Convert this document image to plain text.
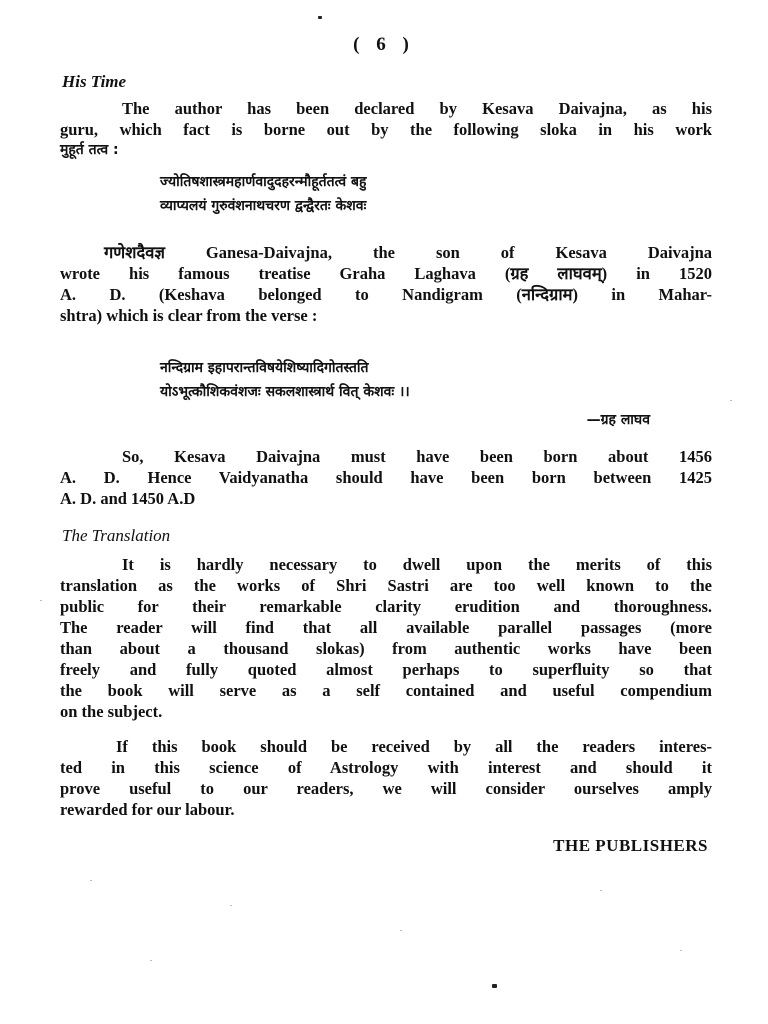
( 6 )
His Time
The author has been declared by Kesava Daivajna, as his
guru, which fact is borne out by the following sloka in his work
मुहूर्त तत्व :
ज्योतिषशास्त्रमहार्णवादुदहरन्मौहूर्ततत्वं बहु
व्याप्यलयं गुरुवंशनाथचरण द्वन्द्वैरतः केशवः
गणेशदैवज्ञ Ganesa-Daivajna, the son of Kesava Daivajna
wrote his famous treatise Graha Laghava (ग्रह लाघवम्) in 1520
A. D. (Keshava belonged to Nandigram (नन्दिग्राम) in Mahar-
shtra) which is clear from the verse :
नन्दिग्राम इहापरान्तविषयेशिष्यादिगोतस्तति
योऽभूत्कौशिकवंशजः सकलशास्त्रार्थ वित् केशवः ।।
—ग्रह लाघव
So, Kesava Daivajna must have been born about 1456
A. D. Hence Vaidyanatha should have been born between 1425
A. D. and 1450 A.D
The Translation
It is hardly necessary to dwell upon the merits of this
translation as the works of Shri Sastri are too well known to the
public for their remarkable clarity erudition and thoroughness.
The reader will find that all available parallel passages (more
than about a thousand slokas) from authentic works have been
freely and fully quoted almost perhaps to superfluity so that
the book will serve as a self contained and useful compendium
on the subject.
If this book should be received by all the readers interes-
ted in this science of Astrology with interest and should it
prove useful to our readers, we will consider ourselves amply
rewarded for our labour.
THE PUBLISHERS
